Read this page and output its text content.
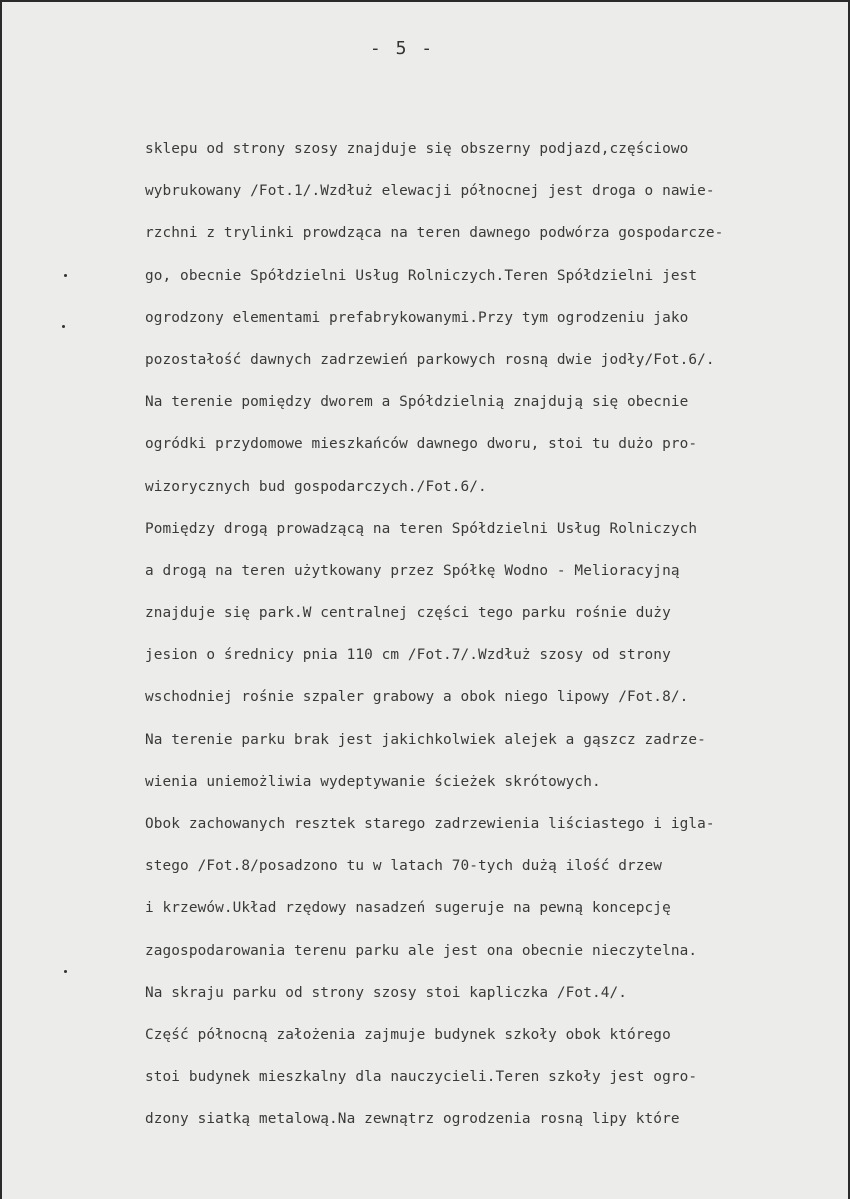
- 5 -
sklepu od strony szosy znajduje się obszerny podjazd,częściowo
wybrukowany /Fot.1/.Wzdłuż elewacji północnej jest droga o nawie-
rzchni z trylinki prowdząca na teren dawnego podwórza gospodarcze-
go, obecnie Spółdzielni Usług Rolniczych.Teren Spółdzielni jest
ogrodzony elementami prefabrykowanymi.Przy tym ogrodzeniu jako
pozostałość dawnych zadrzewień parkowych rosną dwie jodły/Fot.6/.
Na terenie pomiędzy dworem a Spółdzielnią znajdują się obecnie
ogródki przydomowe mieszkańców dawnego dworu, stoi tu dużo pro-
wizorycznych bud gospodarczych./Fot.6/.
Pomiędzy drogą prowadzącą na teren Spółdzielni Usług Rolniczych
a drogą na teren użytkowany przez Spółkę Wodno - Melioracyjną
znajduje się park.W centralnej części tego parku rośnie duży
jesion o średnicy pnia 110 cm /Fot.7/.Wzdłuż szosy od strony
wschodniej rośnie szpaler grabowy a obok niego lipowy /Fot.8/.
Na terenie parku brak jest jakichkolwiek alejek a gąszcz zadrze-
wienia uniemożliwia wydeptywanie ścieżek skrótowych.
Obok zachowanych resztek starego zadrzewienia liściastego i igla-
stego /Fot.8/posadzono tu w latach 70-tych dużą ilość drzew
i krzewów.Układ rzędowy nasadzeń sugeruje na pewną koncepcję
zagospodarowania terenu parku ale jest ona obecnie nieczytelna.
Na skraju parku od strony szosy stoi kapliczka /Fot.4/.
Część północną założenia zajmuje budynek szkoły obok którego
stoi budynek mieszkalny dla nauczycieli.Teren szkoły jest ogro-
dzony siatką metalową.Na zewnątrz ogrodzenia rosną lipy które
